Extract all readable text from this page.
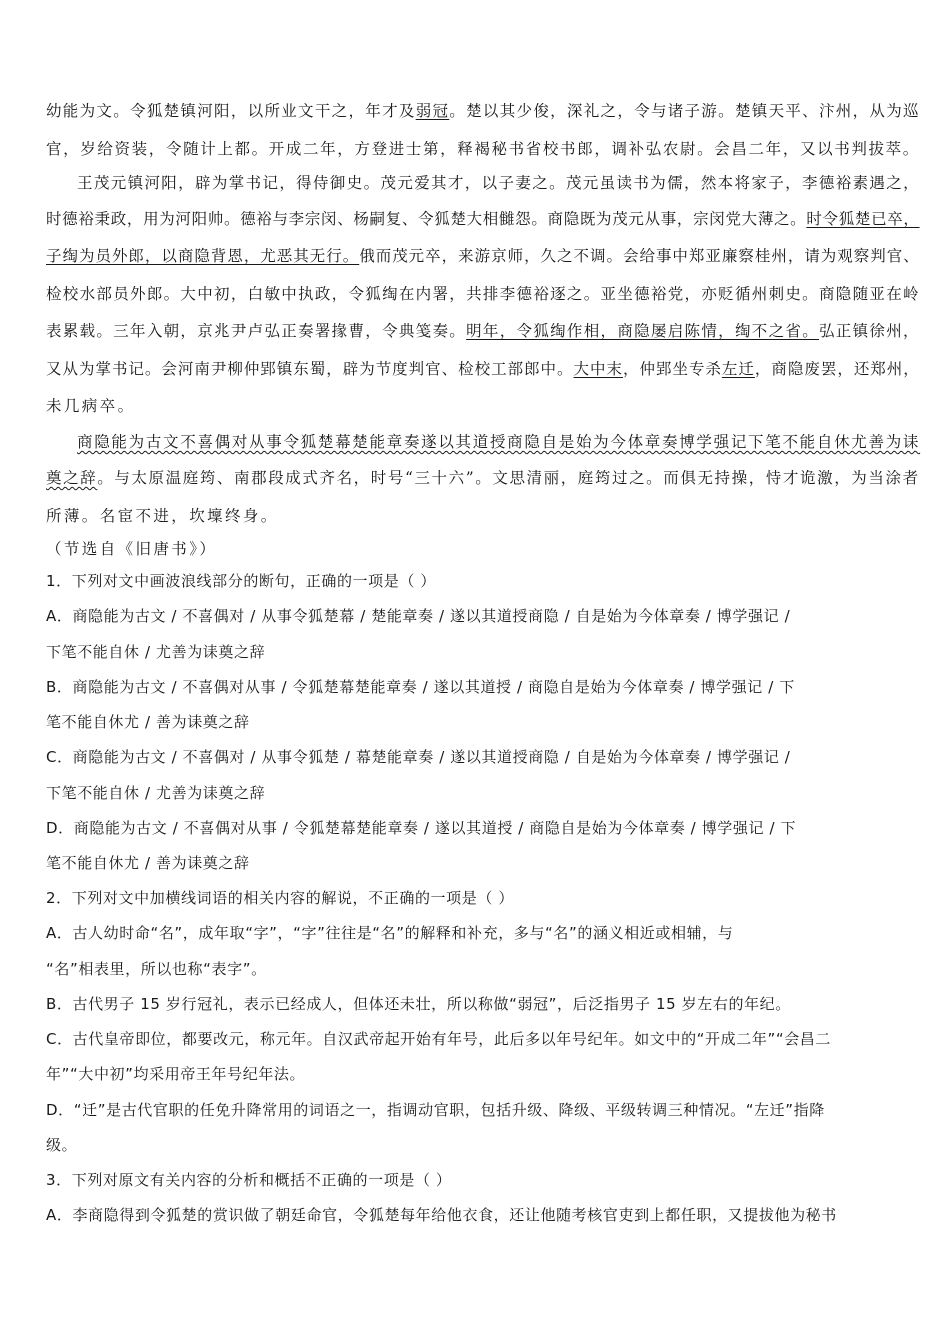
幼能为文。令狐楚镇河阳，以所业文干之，年才及弱冠。楚以其少俊，深礼之，令与诸子游。楚镇天平、汴州，从为巡
官，岁给资装，令随计上都。开成二年，方登进士第，释褐秘书省校书郎，调补弘农尉。会昌二年，又以书判拔萃。
王茂元镇河阳，辟为掌书记，得侍御史。茂元爱其才，以子妻之。茂元虽读书为儒，然本将家子，李德裕素遇之，
时德裕秉政，用为河阳帅。德裕与李宗闵、杨嗣复、令狐楚大相雠怨。商隐既为茂元从事，宗闵党大薄之。时令狐楚已卒，
子绹为员外郎，以商隐背恩，尤恶其无行。俄而茂元卒，来游京师，久之不调。会给事中郑亚廉察桂州，请为观察判官、
检校水部员外郎。大中初，白敏中执政，令狐绹在内署，共排李德裕逐之。亚坐德裕党，亦贬循州刺史。商隐随亚在岭
表累载。三年入朝，京兆尹卢弘正奏署掾曹，令典笺奏。明年，令狐绹作相，商隐屡启陈情，绹不之省。弘正镇徐州，
又从为掌书记。会河南尹柳仲郢镇东蜀，辟为节度判官、检校工部郎中。大中末，仲郢坐专杀左迁，商隐废罢，还郑州，
未几病卒。
商隐能为古文不喜偶对从事令狐楚幕楚能章奏遂以其道授商隐自是始为今体章奏博学强记下笔不能自休尤善为诔
奠之辞。与太原温庭筠、南郡段成式齐名，时号“三十六”。文思清丽，庭筠过之。而俱无持操，恃才诡激，为当涂者
所薄。名宦不进，坎壈终身。
（节选自《旧唐书》）
1．下列对文中画波浪线部分的断句，正确的一项是（ ）
A．商隐能为古文 / 不喜偶对 / 从事令狐楚幕 / 楚能章奏 / 遂以其道授商隐 / 自是始为今体章奏 / 博学强记 /
下笔不能自休 / 尤善为诔奠之辞
B．商隐能为古文 / 不喜偶对从事 / 令狐楚幕楚能章奏 / 遂以其道授 / 商隐自是始为今体章奏 / 博学强记 / 下
笔不能自休尤 / 善为诔奠之辞
C．商隐能为古文 / 不喜偶对 / 从事令狐楚 / 幕楚能章奏 / 遂以其道授商隐 / 自是始为今体章奏 / 博学强记 /
下笔不能自休 / 尤善为诔奠之辞
D．商隐能为古文 / 不喜偶对从事 / 令狐楚幕楚能章奏 / 遂以其道授 / 商隐自是始为今体章奏 / 博学强记 / 下
笔不能自休尤 / 善为诔奠之辞
2．下列对文中加横线词语的相关内容的解说，不正确的一项是（ ）
A．古人幼时命“名”，成年取“字”，“字”往往是“名”的解释和补充，多与“名”的涵义相近或相辅，与
“名”相表里，所以也称“表字”。
B．古代男子 15 岁行冠礼，表示已经成人，但体还未壮，所以称做“弱冠”，后泛指男子 15 岁左右的年纪。
C．古代皇帝即位，都要改元，称元年。自汉武帝起开始有年号，此后多以年号纪年。如文中的“开成二年”“会昌二
年”“大中初”均采用帝王年号纪年法。
D．“迁”是古代官职的任免升降常用的词语之一，指调动官职，包括升级、降级、平级转调三种情况。“左迁”指降
级。
3．下列对原文有关内容的分析和概括不正确的一项是（ ）
A．李商隐得到令狐楚的赏识做了朝廷命官，令狐楚每年给他衣食，还让他随考核官吏到上都任职，又提拔他为秘书
